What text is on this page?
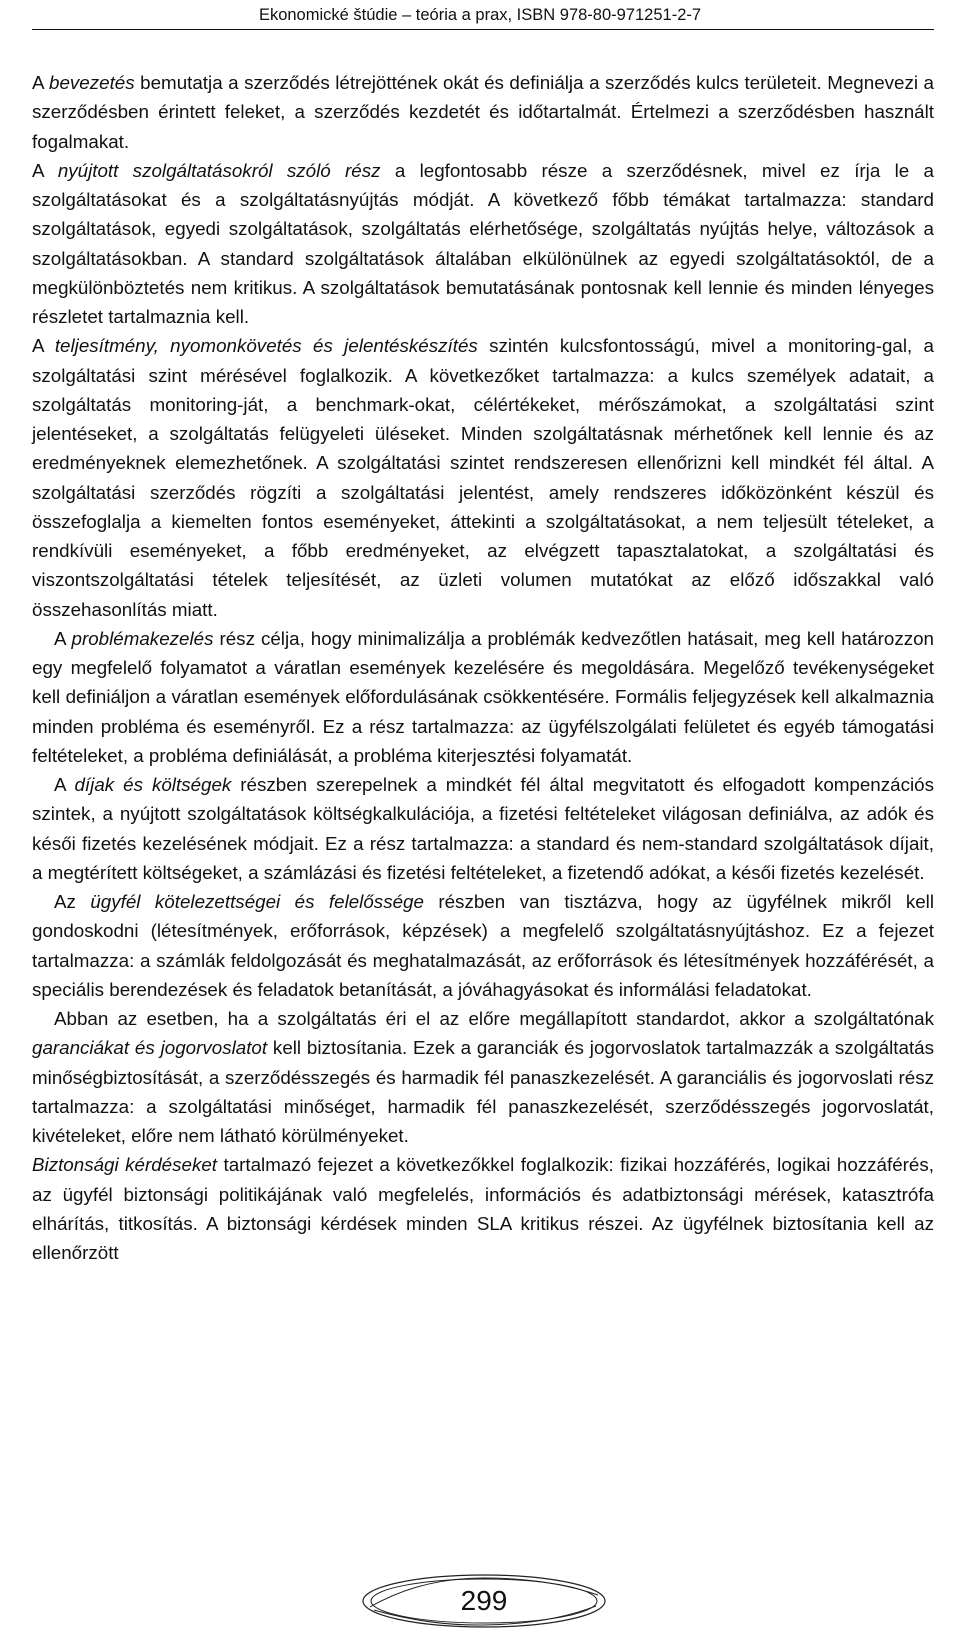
Ekonomické štúdie – teória a prax, ISBN 978-80-971251-2-7

A bevezetés bemutatja a szerződés létrejöttének okát és definiálja a szerződés kulcs területeit. Megnevezi a szerződésben érintett feleket, a szerződés kezdetét és időtartalmát. Értelmezi a szerződésben használt fogalmakat.

A nyújtott szolgáltatásokról szóló rész a legfontosabb része a szerződésnek, mivel ez írja le a szolgáltatásokat és a szolgáltatásnyújtás módját. A következő főbb témákat tartalmazza: standard szolgáltatások, egyedi szolgáltatások, szolgáltatás elérhetősége, szolgáltatás nyújtás helye, változások a szolgáltatásokban. A standard szolgáltatások általában elkülönülnek az egyedi szolgáltatásoktól, de a megkülönböztetés nem kritikus. A szolgáltatások bemutatásának pontosnak kell lennie és minden lényeges részletet tartalmaznia kell.

A teljesítmény, nyomonkövetés és jelentéskészítés szintén kulcsfontosságú, mivel a monitoring-gal, a szolgáltatási szint mérésével foglalkozik. A következőket tartalmazza: a kulcs személyek adatait, a szolgáltatás monitoring-ját, a benchmark-okat, célértékeket, mérőszámokat, a szolgáltatási szint jelentéseket, a szolgáltatás felügyeleti üléseket. Minden szolgáltatásnak mérhetőnek kell lennie és az eredményeknek elemezhetőnek. A szolgáltatási szintet rendszeresen ellenőrizni kell mindkét fél által. A szolgáltatási szerződés rögzíti a szolgáltatási jelentést, amely rendszeres időközönként készül és összefoglalja a kiemelten fontos eseményeket, áttekinti a szolgáltatásokat, a nem teljesült tételeket, a rendkívüli eseményeket, a főbb eredményeket, az elvégzett tapasztalatokat, a szolgáltatási és viszontszolgáltatási tételek teljesítését, az üzleti volumen mutatókat az előző időszakkal való összehasonlítás miatt.

A problémakezelés rész célja, hogy minimalizálja a problémák kedvezőtlen hatásait, meg kell határozzon egy megfelelő folyamatot a váratlan események kezelésére és megoldására. Megelőző tevékenységeket kell definiáljon a váratlan események előfordulásának csökkentésére. Formális feljegyzések kell alkalmaznia minden probléma és eseményről. Ez a rész tartalmazza: az ügyfélszolgálati felületet és egyéb támogatási feltételeket, a probléma definiálását, a probléma kiterjesztési folyamatát.

A díjak és költségek részben szerepelnek a mindkét fél által megvitatott és elfogadott kompenzációs szintek, a nyújtott szolgáltatások költségkalkulációja, a fizetési feltételeket világosan definiálva, az adók és késői fizetés kezelésének módjait. Ez a rész tartalmazza: a standard és nem-standard szolgáltatások díjait, a megtérített költségeket, a számlázási és fizetési feltételeket, a fizetendő adókat, a késői fizetés kezelését.

Az ügyfél kötelezettségei és felelőssége részben van tisztázva, hogy az ügyfélnek mikről kell gondoskodni (létesítmények, erőforrások, képzések) a megfelelő szolgáltatásnyújtáshoz. Ez a fejezet tartalmazza: a számlák feldolgozását és meghatalmazását, az erőforrások és létesítmények hozzáférését, a speciális berendezések és feladatok betanítását, a jóváhagyásokat és informálási feladatokat.

Abban az esetben, ha a szolgáltatás éri el az előre megállapított standardot, akkor a szolgáltatónak garanciákat és jogorvoslatot kell biztosítania. Ezek a garanciák és jogorvoslatok tartalmazzák a szolgáltatás minőségbiztosítását, a szerződésszegés és harmadik fél panaszkezelését. A garanciális és jogorvoslati rész tartalmazza: a szolgáltatási minőséget, harmadik fél panaszkezelését, szerződésszegés jogorvoslatát, kivételeket, előre nem látható körülményeket.

Biztonsági kérdéseket tartalmazó fejezet a következőkkel foglalkozik: fizikai hozzáférés, logikai hozzáférés, az ügyfél biztonsági politikájának való megfelelés, információs és adatbiztonsági mérések, katasztrófa elhárítás, titkosítás. A biztonsági kérdések minden SLA kritikus részei. Az ügyfélnek biztosítania kell az ellenőrzött

299
